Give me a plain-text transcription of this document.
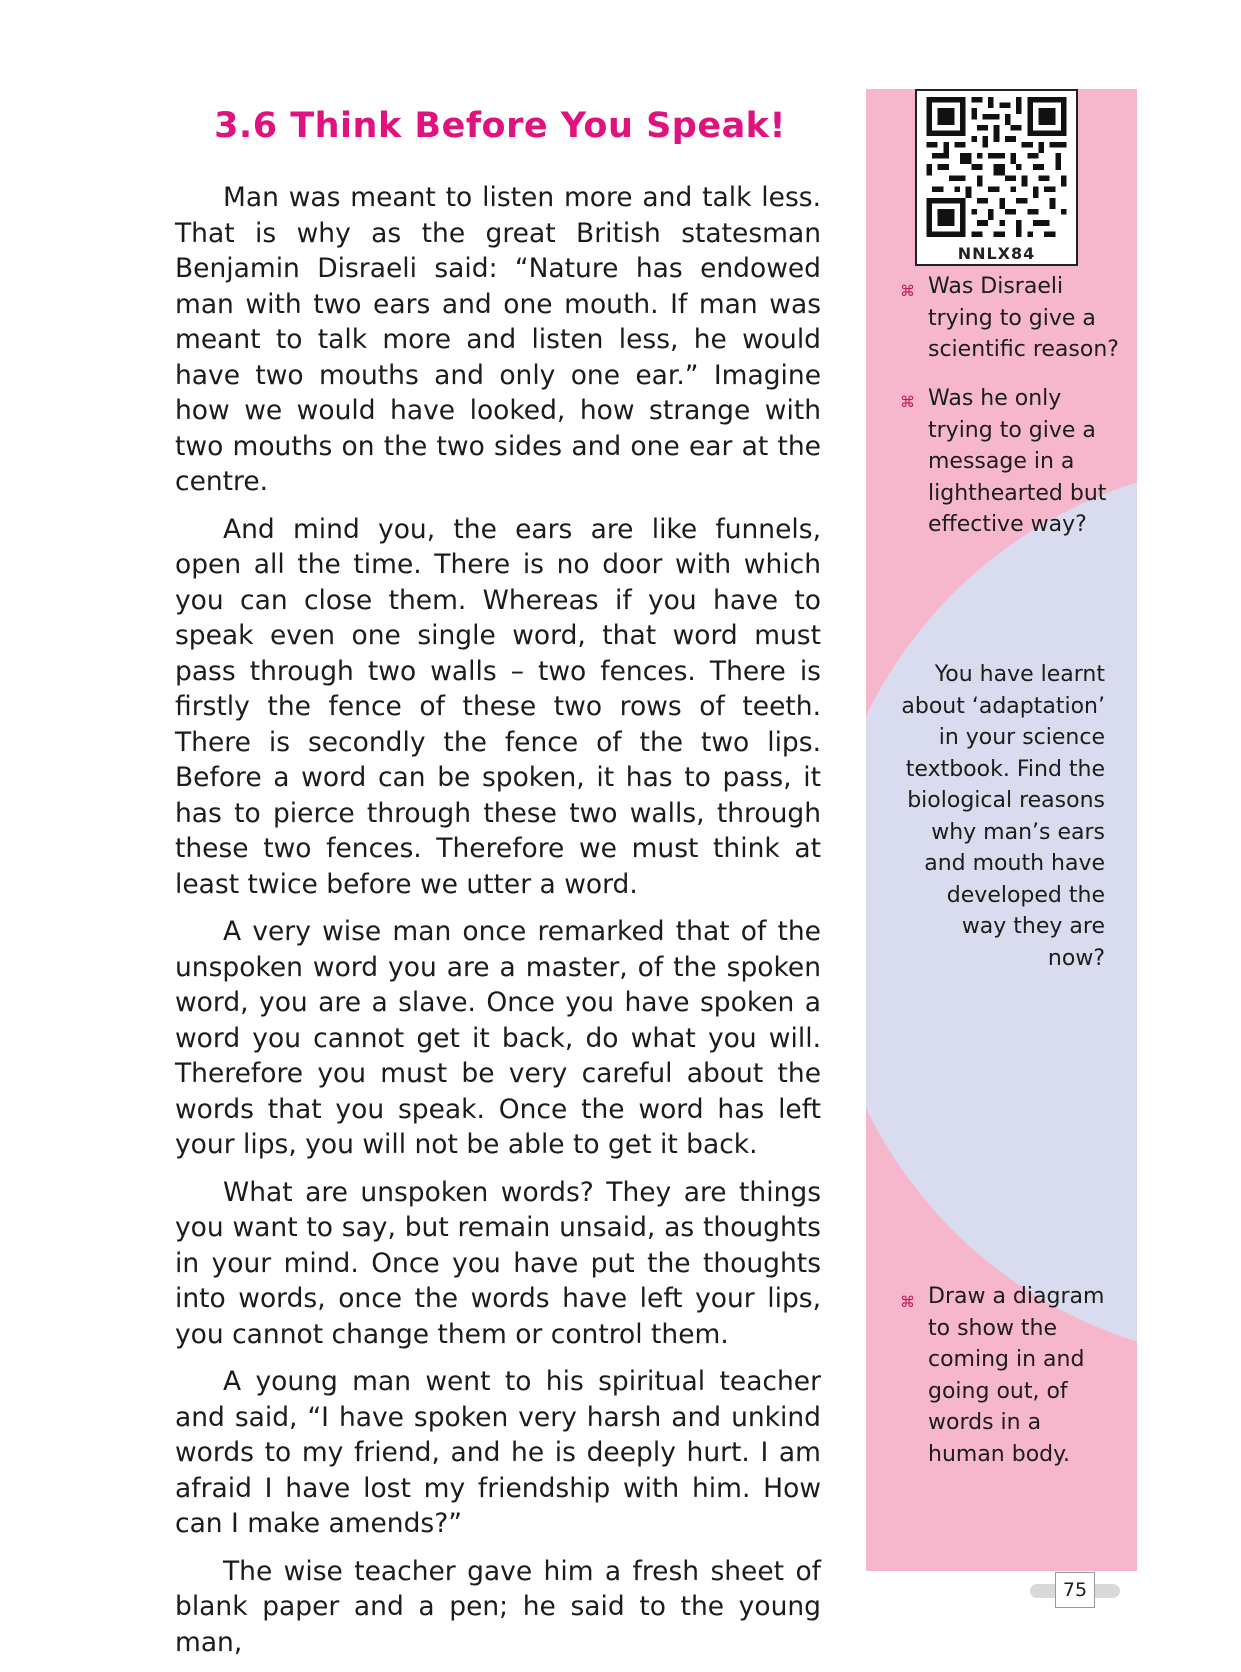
3.6 Think Before You Speak!

Man was meant to listen more and talk less. That is why as the great British statesman Benjamin Disraeli said: “Nature has endowed man with two ears and one mouth. If man was meant to talk more and listen less, he would have two mouths and only one ear.” Imagine how we would have looked, how strange with two mouths on the two sides and one ear at the centre.

And mind you, the ears are like funnels, open all the time. There is no door with which you can close them. Whereas if you have to speak even one single word, that word must pass through two walls – two fences. There is firstly the fence of these two rows of teeth. There is secondly the fence of the two lips. Before a word can be spoken, it has to pass, it has to pierce through these two walls, through these two fences. Therefore we must think at least twice before we utter a word.

A very wise man once remarked that of the unspoken word you are a master, of the spoken word, you are a slave. Once you have spoken a word you cannot get it back, do what you will. Therefore you must be very careful about the words that you speak. Once the word has left your lips, you will not be able to get it back.

What are unspoken words? They are things you want to say, but remain unsaid, as thoughts in your mind. Once you have put the thoughts into words, once the words have left your lips, you cannot change them or control them.

A young man went to his spiritual teacher and said, “I have spoken very harsh and unkind words to my friend, and he is deeply hurt. I am afraid I have lost my friendship with him. How can I make amends?”

The wise teacher gave him a fresh sheet of blank paper and a pen; he said to the young man,

NNLX84
⌘ Was Disraeli trying to give a scientific reason?
⌘ Was he only trying to give a message in a lighthearted but effective way?
You have learnt about ‘adaptation’ in your science textbook. Find the biological reasons why man’s ears and mouth have developed the way they are now?
⌘ Draw a diagram to show the coming in and going out, of words in a human body.
75
